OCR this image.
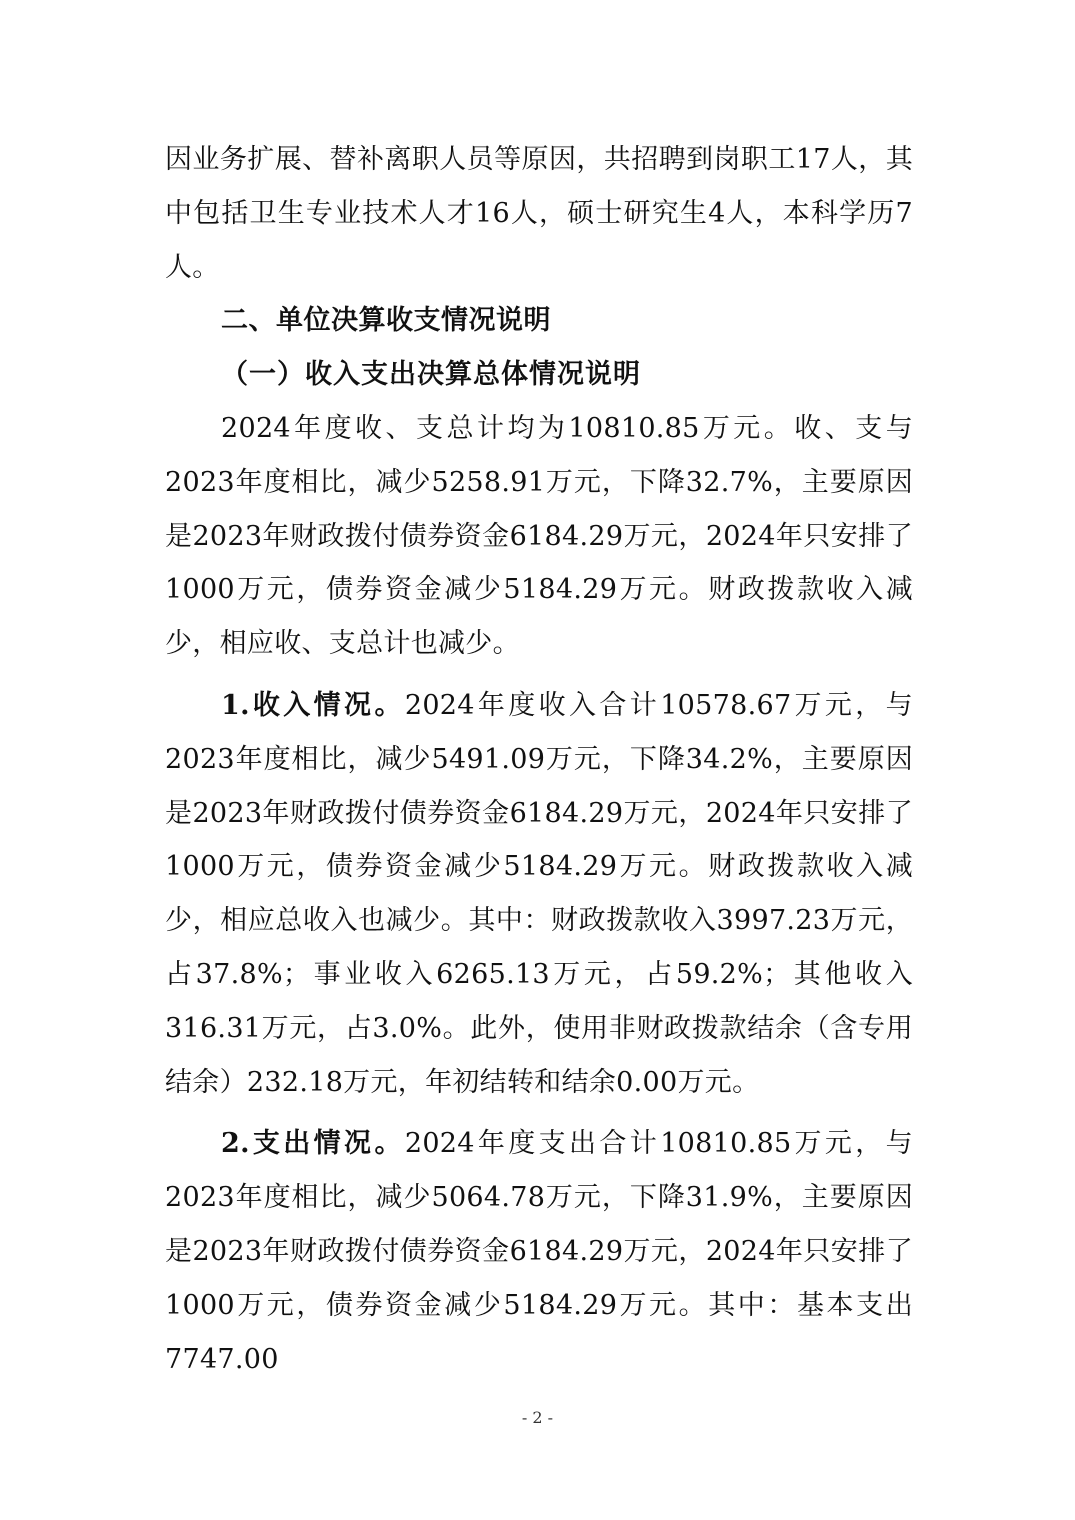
因业务扩展、替补离职人员等原因，共招聘到岗职工17人，其中包括卫生专业技术人才16人，硕士研究生4人，本科学历7人。

二、单位决算收支情况说明

（一）收入支出决算总体情况说明

2024年度收、支总计均为10810.85万元。收、支与2023年度相比，减少5258.91万元，下降32.7%，主要原因是2023年财政拨付债券资金6184.29万元，2024年只安排了1000万元，债券资金减少5184.29万元。财政拨款收入减少，相应收、支总计也减少。

1.收入情况。2024年度收入合计10578.67万元，与2023年度相比，减少5491.09万元，下降34.2%，主要原因是2023年财政拨付债券资金6184.29万元，2024年只安排了1000万元，债券资金减少5184.29万元。财政拨款收入减少，相应总收入也减少。其中：财政拨款收入3997.23万元，占37.8%；事业收入6265.13万元，占59.2%；其他收入316.31万元，占3.0%。此外，使用非财政拨款结余（含专用结余）232.18万元，年初结转和结余0.00万元。

2.支出情况。2024年度支出合计10810.85万元，与2023年度相比，减少5064.78万元，下降31.9%，主要原因是2023年财政拨付债券资金6184.29万元，2024年只安排了1000万元，债券资金减少5184.29万元。其中：基本支出7747.00

- 2 -
